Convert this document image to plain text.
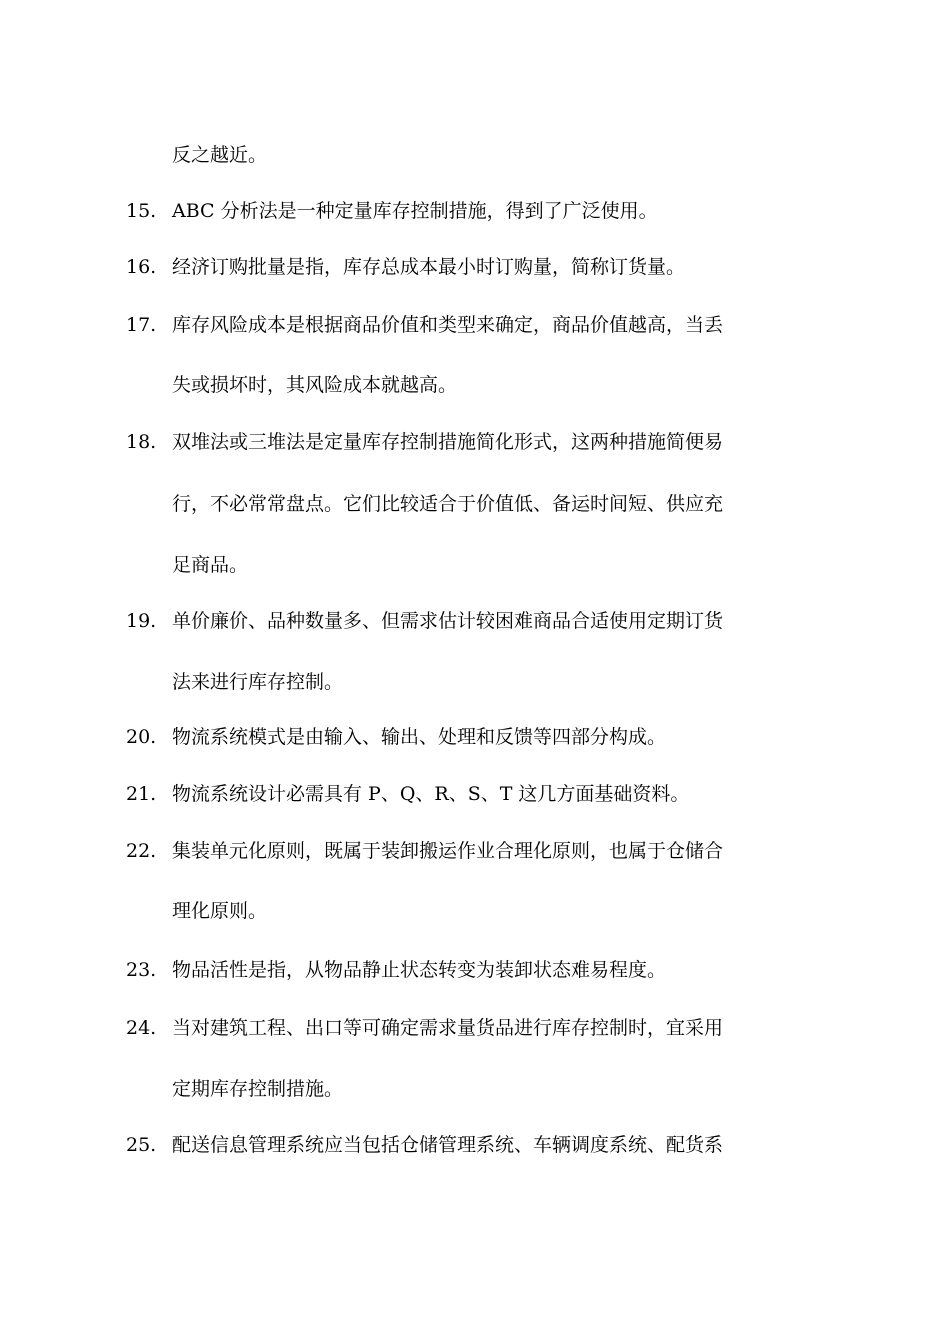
反之越近。
15. ABC 分析法是一种定量库存控制措施，得到了广泛使用。
16. 经济订购批量是指，库存总成本最小时订购量，简称订货量。
17. 库存风险成本是根据商品价值和类型来确定，商品价值越高，当丢
失或损坏时，其风险成本就越高。
18. 双堆法或三堆法是定量库存控制措施简化形式，这两种措施简便易
行，不必常常盘点。它们比较适合于价值低、备运时间短、供应充
足商品。
19. 单价廉价、品种数量多、但需求估计较困难商品合适使用定期订货
法来进行库存控制。
20. 物流系统模式是由输入、输出、处理和反馈等四部分构成。
21. 物流系统设计必需具有 P、Q、R、S、T 这几方面基础资料。
22. 集装单元化原则，既属于装卸搬运作业合理化原则，也属于仓储合
理化原则。
23. 物品活性是指，从物品静止状态转变为装卸状态难易程度。
24. 当对建筑工程、出口等可确定需求量货品进行库存控制时，宜采用
定期库存控制措施。
25. 配送信息管理系统应当包括仓储管理系统、车辆调度系统、配货系
